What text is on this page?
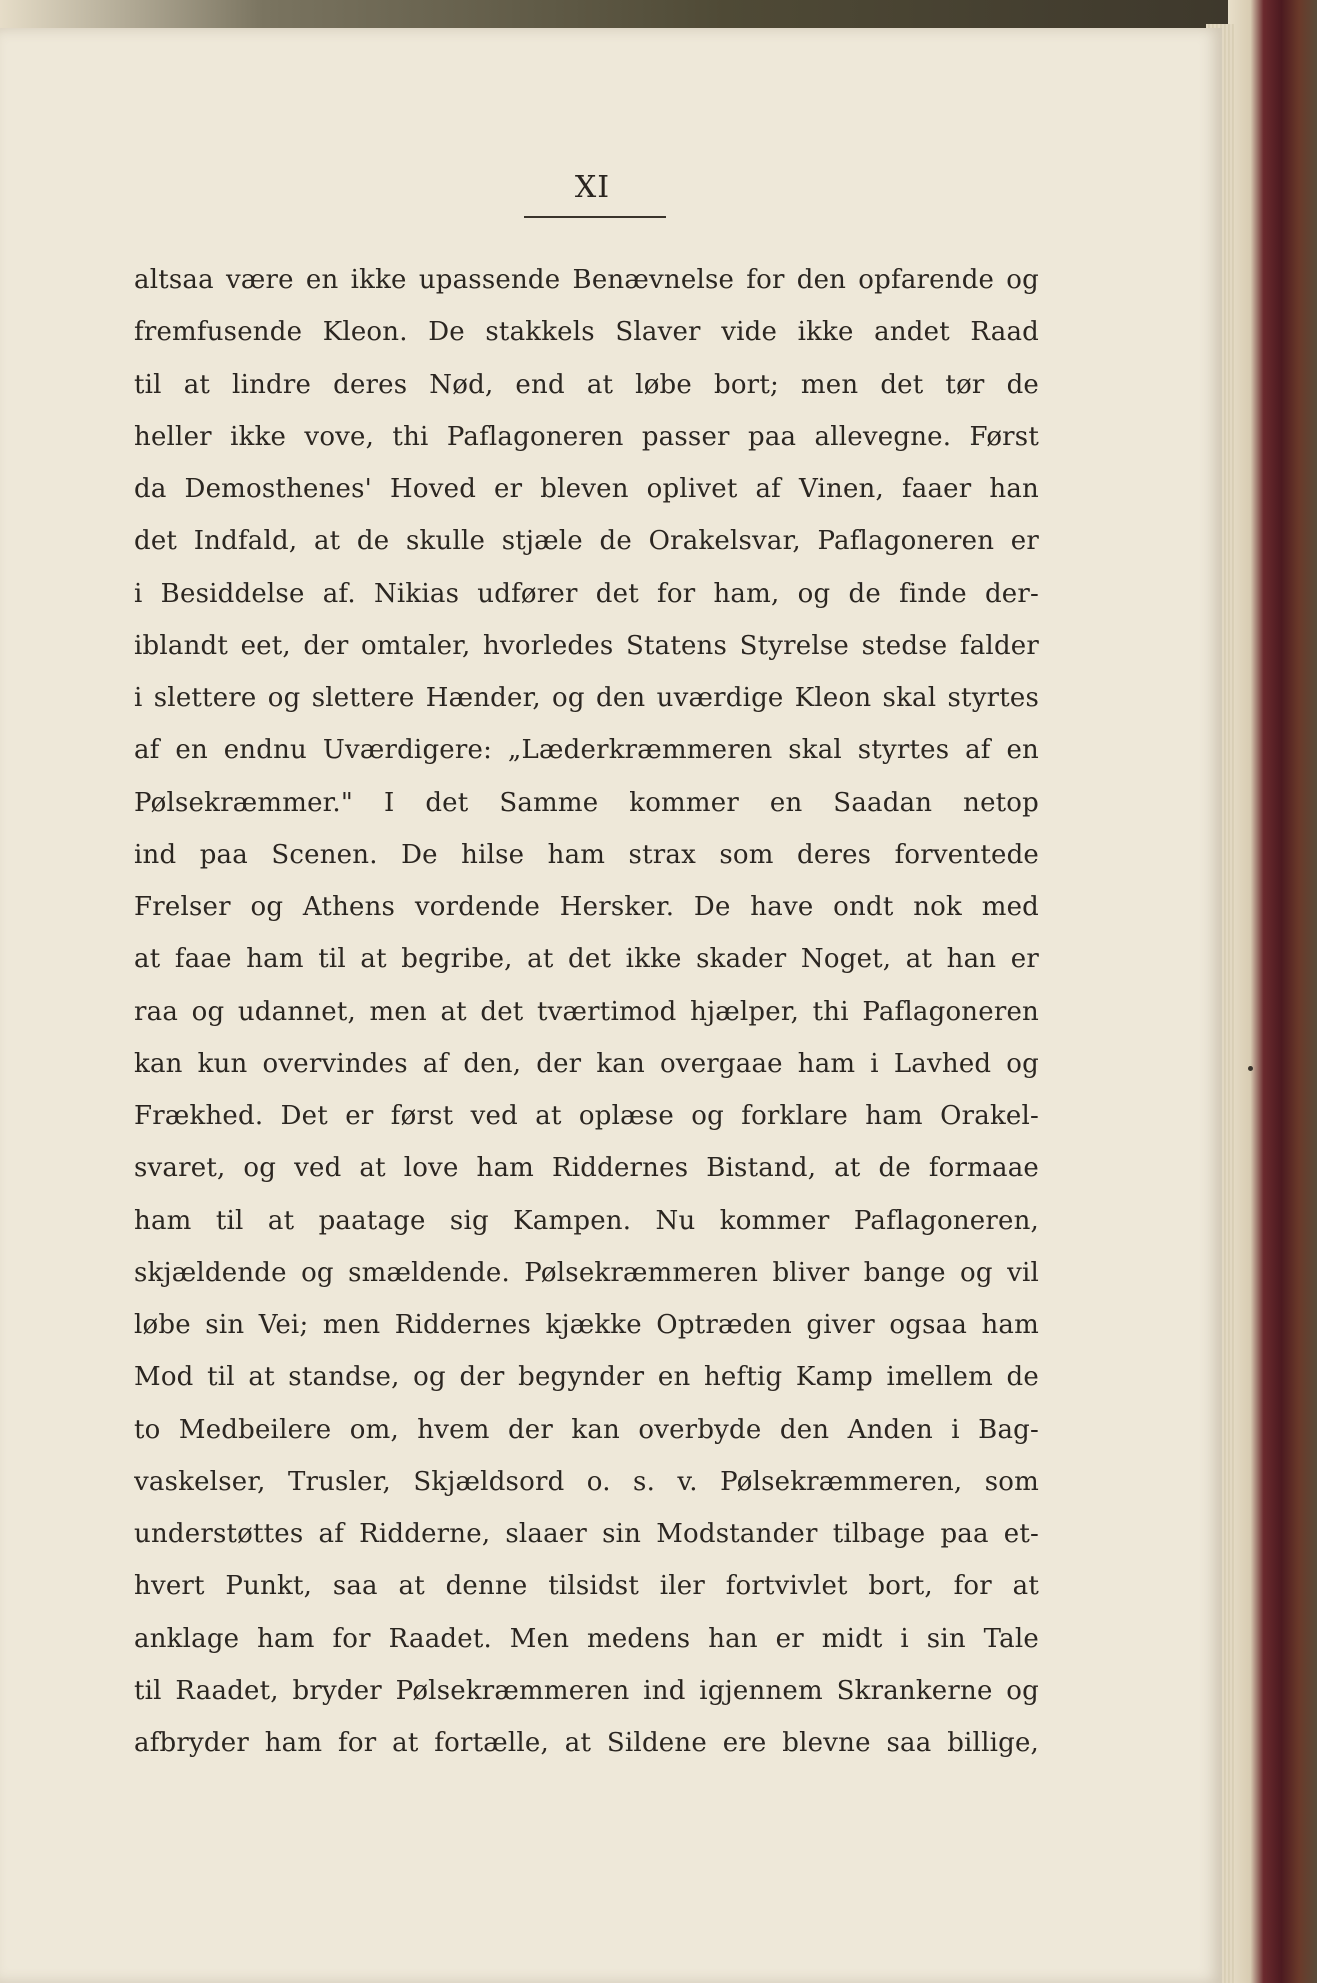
XI
altsaa være en ikke upassende Benævnelse for den opfarende og
fremfusende Kleon. De stakkels Slaver vide ikke andet Raad
til at lindre deres Nød, end at løbe bort; men det tør de
heller ikke vove, thi Paflagoneren passer paa allevegne. Først
da Demosthenes' Hoved er bleven oplivet af Vinen, faaer han
det Indfald, at de skulle stjæle de Orakelsvar, Paflagoneren er
i Besiddelse af. Nikias udfører det for ham, og de finde der-
iblandt eet, der omtaler, hvorledes Statens Styrelse stedse falder
i slettere og slettere Hænder, og den uværdige Kleon skal styrtes
af en endnu Uværdigere: „Læderkræmmeren skal styrtes af en
Pølsekræmmer." I det Samme kommer en Saadan netop
ind paa Scenen. De hilse ham strax som deres forventede
Frelser og Athens vordende Hersker. De have ondt nok med
at faae ham til at begribe, at det ikke skader Noget, at han er
raa og udannet, men at det tværtimod hjælper, thi Paflagoneren
kan kun overvindes af den, der kan overgaae ham i Lavhed og
Frækhed. Det er først ved at oplæse og forklare ham Orakel-
svaret, og ved at love ham Riddernes Bistand, at de formaae
ham til at paatage sig Kampen. Nu kommer Paflagoneren,
skjældende og smældende. Pølsekræmmeren bliver bange og vil
løbe sin Vei; men Riddernes kjække Optræden giver ogsaa ham
Mod til at standse, og der begynder en heftig Kamp imellem de
to Medbeilere om, hvem der kan overbyde den Anden i Bag-
vaskelser, Trusler, Skjældsord o. s. v. Pølsekræmmeren, som
understøttes af Ridderne, slaaer sin Modstander tilbage paa et-
hvert Punkt, saa at denne tilsidst iler fortvivlet bort, for at
anklage ham for Raadet. Men medens han er midt i sin Tale
til Raadet, bryder Pølsekræmmeren ind igjennem Skrankerne og
afbryder ham for at fortælle, at Sildene ere blevne saa billige,
